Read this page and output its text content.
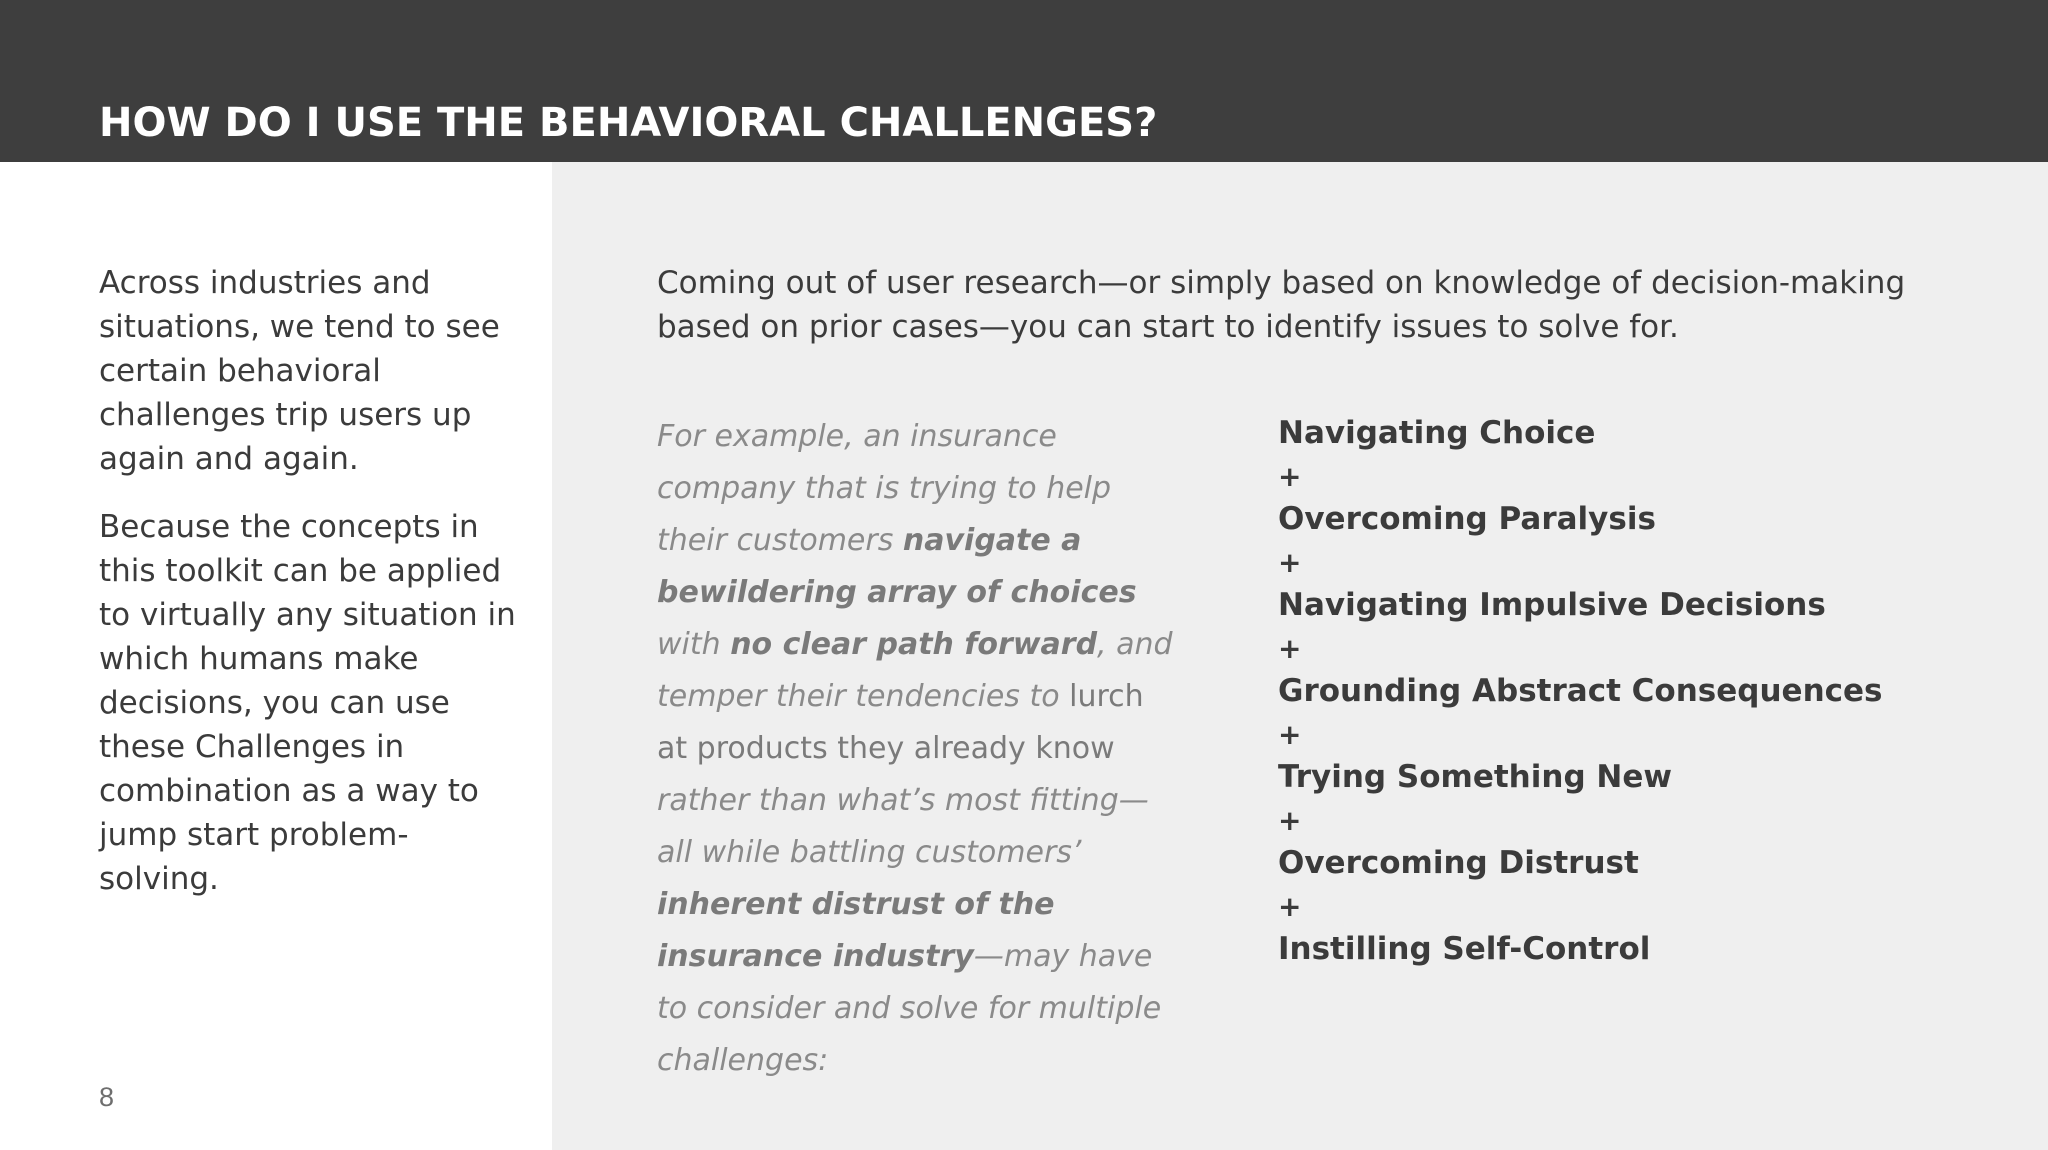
HOW DO I USE THE BEHAVIORAL CHALLENGES?

Across industries and situations, we tend to see certain behavioral challenges trip users up again and again.

Because the concepts in this toolkit can be applied to virtually any situation in which humans make decisions, you can use these Challenges in combination as a way to jump start problem-solving.

Coming out of user research—or simply based on knowledge of decision-making based on prior cases—you can start to identify issues to solve for.
For example, an insurance company that is trying to help their customers navigate a bewildering array of choices with no clear path forward, and temper their tendencies to lurch at products they already know rather than what’s most fitting—all while battling customers’ inherent distrust of the insurance industry—may have to consider and solve for multiple challenges:
Navigating Choice
+
Overcoming Paralysis
+
Navigating Impulsive Decisions
+
Grounding Abstract Consequences
+
Trying Something New
+
Overcoming Distrust
+
Instilling Self-Control
8
